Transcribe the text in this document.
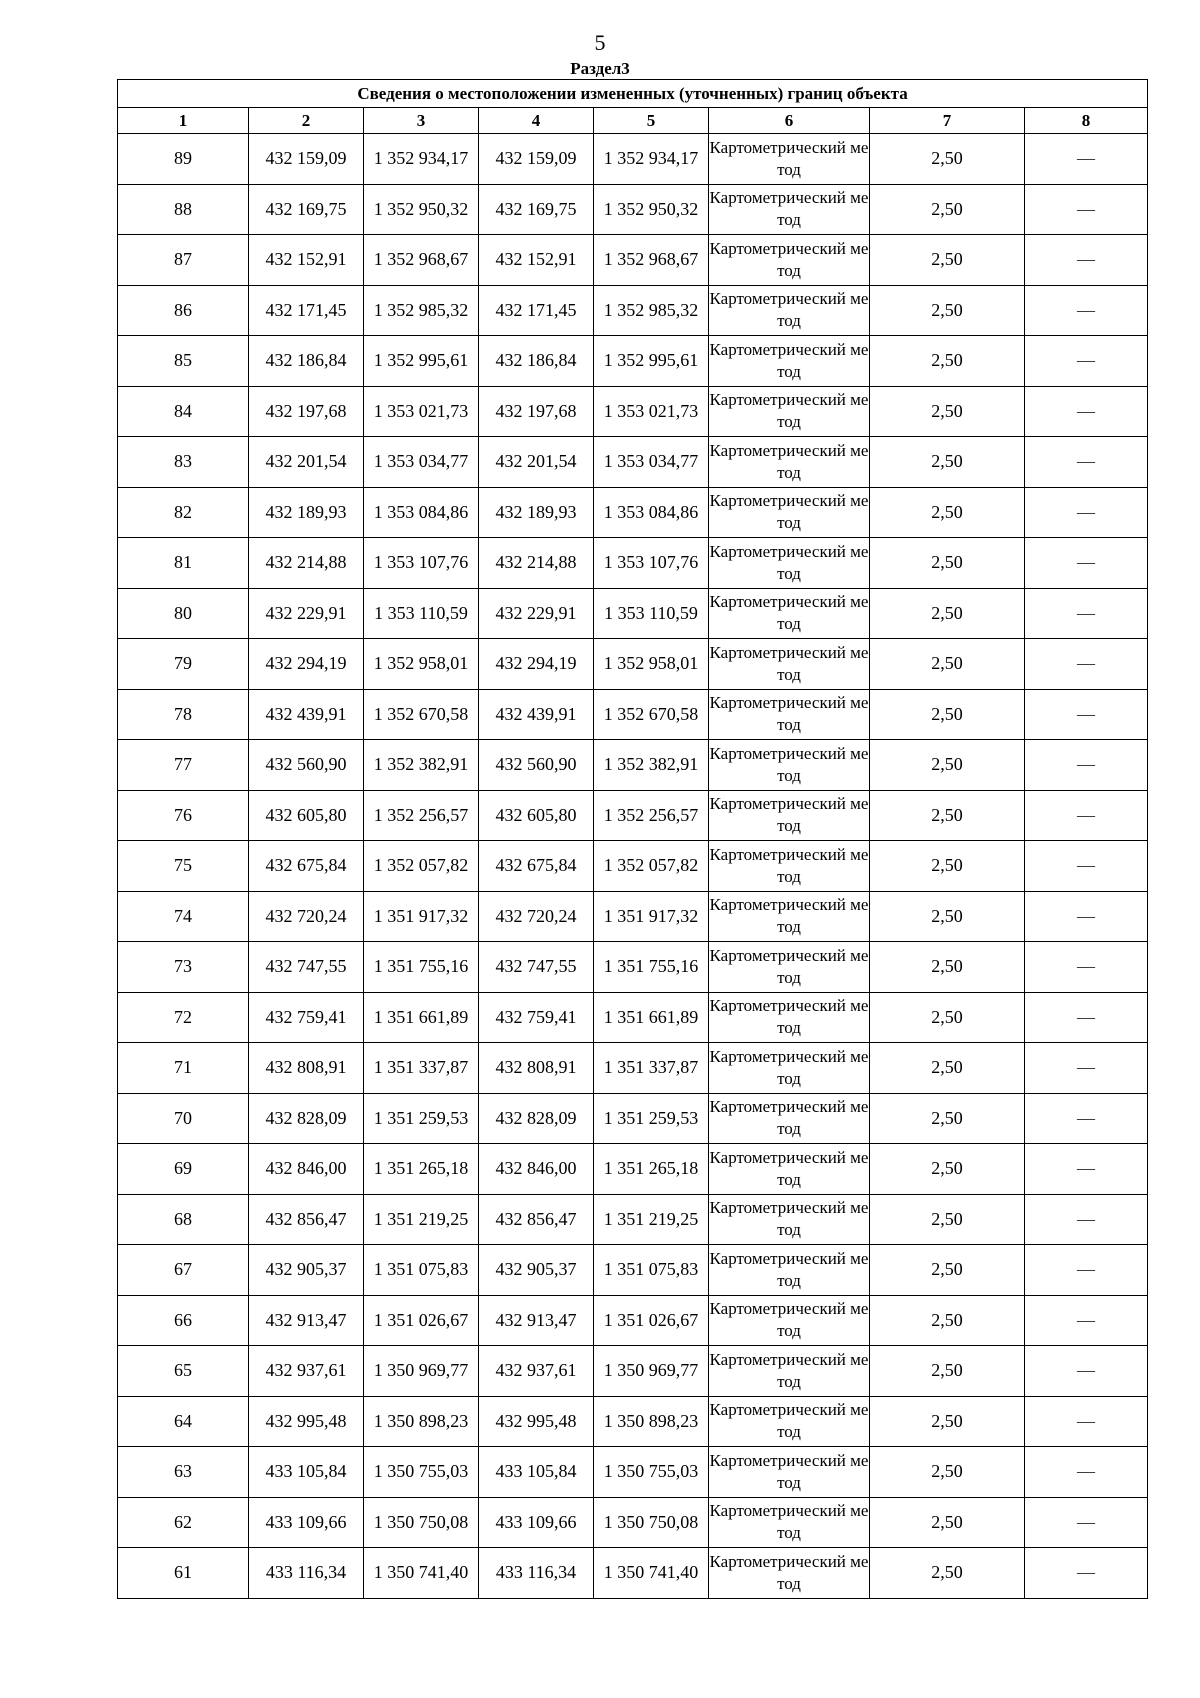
5
Раздел3
Сведения о местоположении измененных (уточненных) границ объекта							
1	2	3	4	5	6	7	8
89	432 159,09	1 352 934,17	432 159,09	1 352 934,17	Картометрический метод	2,50	—
88	432 169,75	1 352 950,32	432 169,75	1 352 950,32	Картометрический метод	2,50	—
87	432 152,91	1 352 968,67	432 152,91	1 352 968,67	Картометрический метод	2,50	—
86	432 171,45	1 352 985,32	432 171,45	1 352 985,32	Картометрический метод	2,50	—
85	432 186,84	1 352 995,61	432 186,84	1 352 995,61	Картометрический метод	2,50	—
84	432 197,68	1 353 021,73	432 197,68	1 353 021,73	Картометрический метод	2,50	—
83	432 201,54	1 353 034,77	432 201,54	1 353 034,77	Картометрический метод	2,50	—
82	432 189,93	1 353 084,86	432 189,93	1 353 084,86	Картометрический метод	2,50	—
81	432 214,88	1 353 107,76	432 214,88	1 353 107,76	Картометрический метод	2,50	—
80	432 229,91	1 353 110,59	432 229,91	1 353 110,59	Картометрический метод	2,50	—
79	432 294,19	1 352 958,01	432 294,19	1 352 958,01	Картометрический метод	2,50	—
78	432 439,91	1 352 670,58	432 439,91	1 352 670,58	Картометрический метод	2,50	—
77	432 560,90	1 352 382,91	432 560,90	1 352 382,91	Картометрический метод	2,50	—
76	432 605,80	1 352 256,57	432 605,80	1 352 256,57	Картометрический метод	2,50	—
75	432 675,84	1 352 057,82	432 675,84	1 352 057,82	Картометрический метод	2,50	—
74	432 720,24	1 351 917,32	432 720,24	1 351 917,32	Картометрический метод	2,50	—
73	432 747,55	1 351 755,16	432 747,55	1 351 755,16	Картометрический метод	2,50	—
72	432 759,41	1 351 661,89	432 759,41	1 351 661,89	Картометрический метод	2,50	—
71	432 808,91	1 351 337,87	432 808,91	1 351 337,87	Картометрический метод	2,50	—
70	432 828,09	1 351 259,53	432 828,09	1 351 259,53	Картометрический метод	2,50	—
69	432 846,00	1 351 265,18	432 846,00	1 351 265,18	Картометрический метод	2,50	—
68	432 856,47	1 351 219,25	432 856,47	1 351 219,25	Картометрический метод	2,50	—
67	432 905,37	1 351 075,83	432 905,37	1 351 075,83	Картометрический метод	2,50	—
66	432 913,47	1 351 026,67	432 913,47	1 351 026,67	Картометрический метод	2,50	—
65	432 937,61	1 350 969,77	432 937,61	1 350 969,77	Картометрический метод	2,50	—
64	432 995,48	1 350 898,23	432 995,48	1 350 898,23	Картометрический метод	2,50	—
63	433 105,84	1 350 755,03	433 105,84	1 350 755,03	Картометрический метод	2,50	—
62	433 109,66	1 350 750,08	433 109,66	1 350 750,08	Картометрический метод	2,50	—
61	433 116,34	1 350 741,40	433 116,34	1 350 741,40	Картометрический метод	2,50	—
